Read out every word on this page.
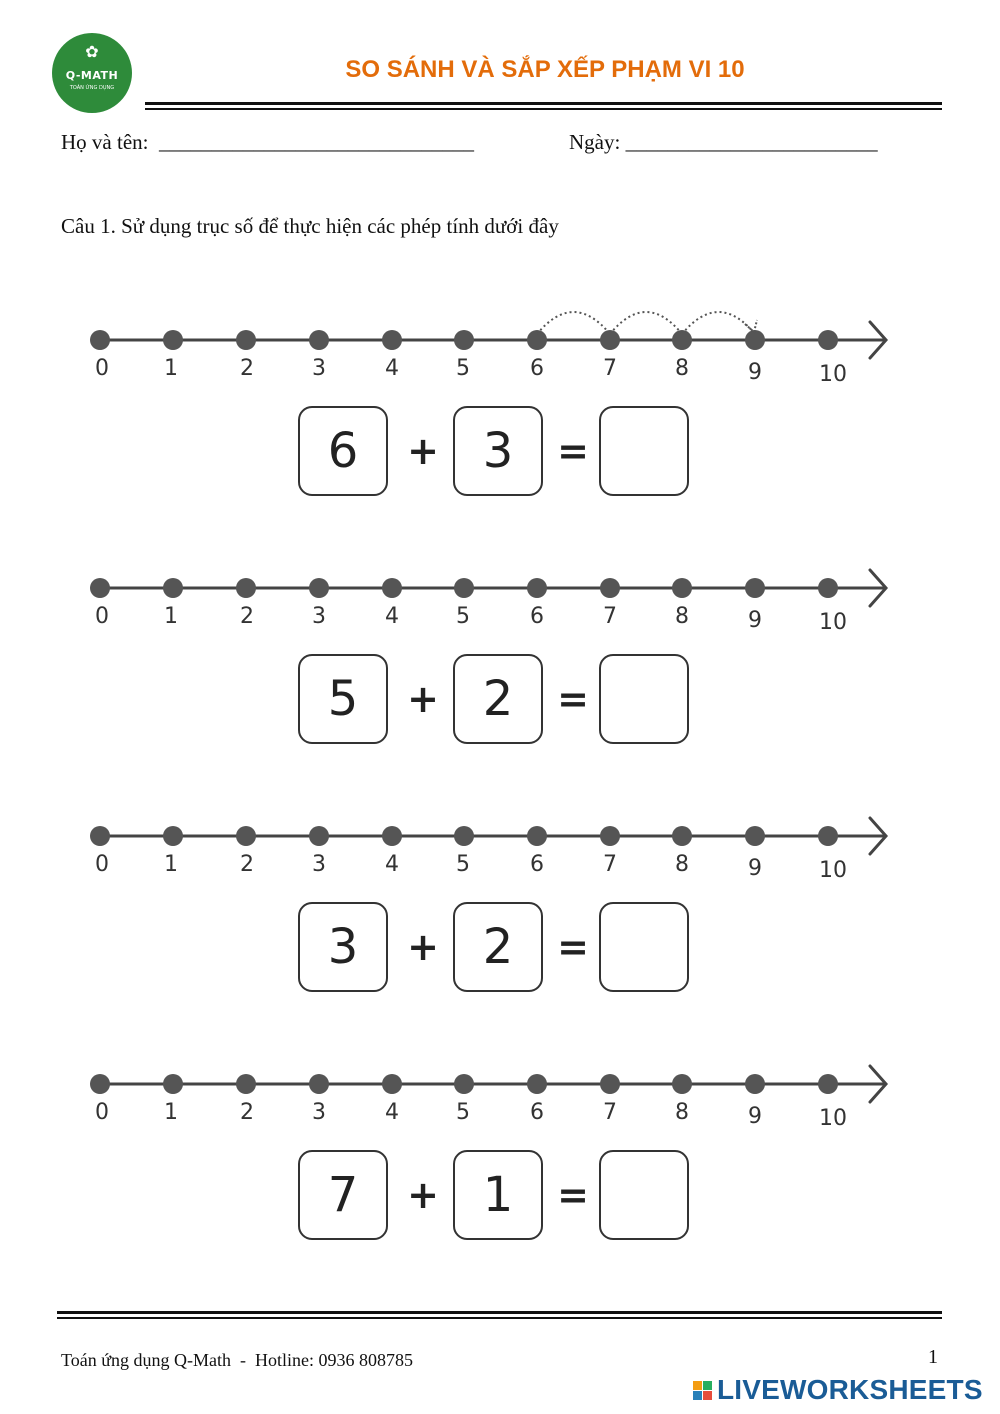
✿
Q-MATH
TOÁN ỨNG DỤNG
SO SÁNH VÀ SẮP XẾP PHẠM VI 10
Họ và tên:  ______________________________	Ngày: ________________________
Câu 1. Sử dụng trục số để thực hiện các phép tính dưới đây
0	1	2	3	4	5	6	7	8	9	10
6	+ 3	=
0	1	2	3	4	5	6	7	8	9	10
5	+ 2	=
0	1	2	3	4	5	6	7	8	9	10
3	+ 2	=
0	1	2	3	4	5	6	7	8	9	10
7	+ 1	=
Toán ứng dụng Q-Math  -  Hotline: 0936 808785	1
LIVEWORKSHEETS
